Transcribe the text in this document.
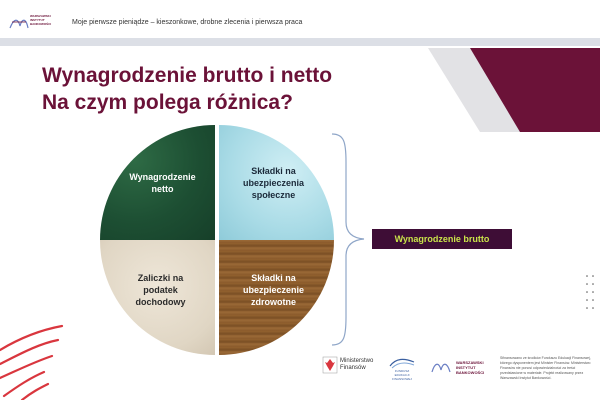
WARSZAWSKI INSTYTUT BANKOWOŚCI	Moje pierwsze pieniądze – kieszonkowe, drobne zlecenia i pierwsza praca
Wynagrodzenie brutto i netto
Na czym polega różnica?
Wynagrodzenie netto
Składki na ubezpieczenia społeczne
Zaliczki na podatek dochodowy
Składki na ubezpieczenie zdrowotne
Wynagrodzenie brutto
Ministerstwo Finansów	FUNDUSZ EDUKACJI FINANSOWEJ
WARSZAWSKI INSTYTUT BANKOWOŚCI
Sfinansowano ze środków Funduszu Edukacji Finansowej, którego dysponentem jest Minister Finansów. Ministerstwo Finansów nie ponosi odpowiedzialności za treści przedstawione w materiale. Projekt realizowany przez Warszawski Instytut Bankowości.
